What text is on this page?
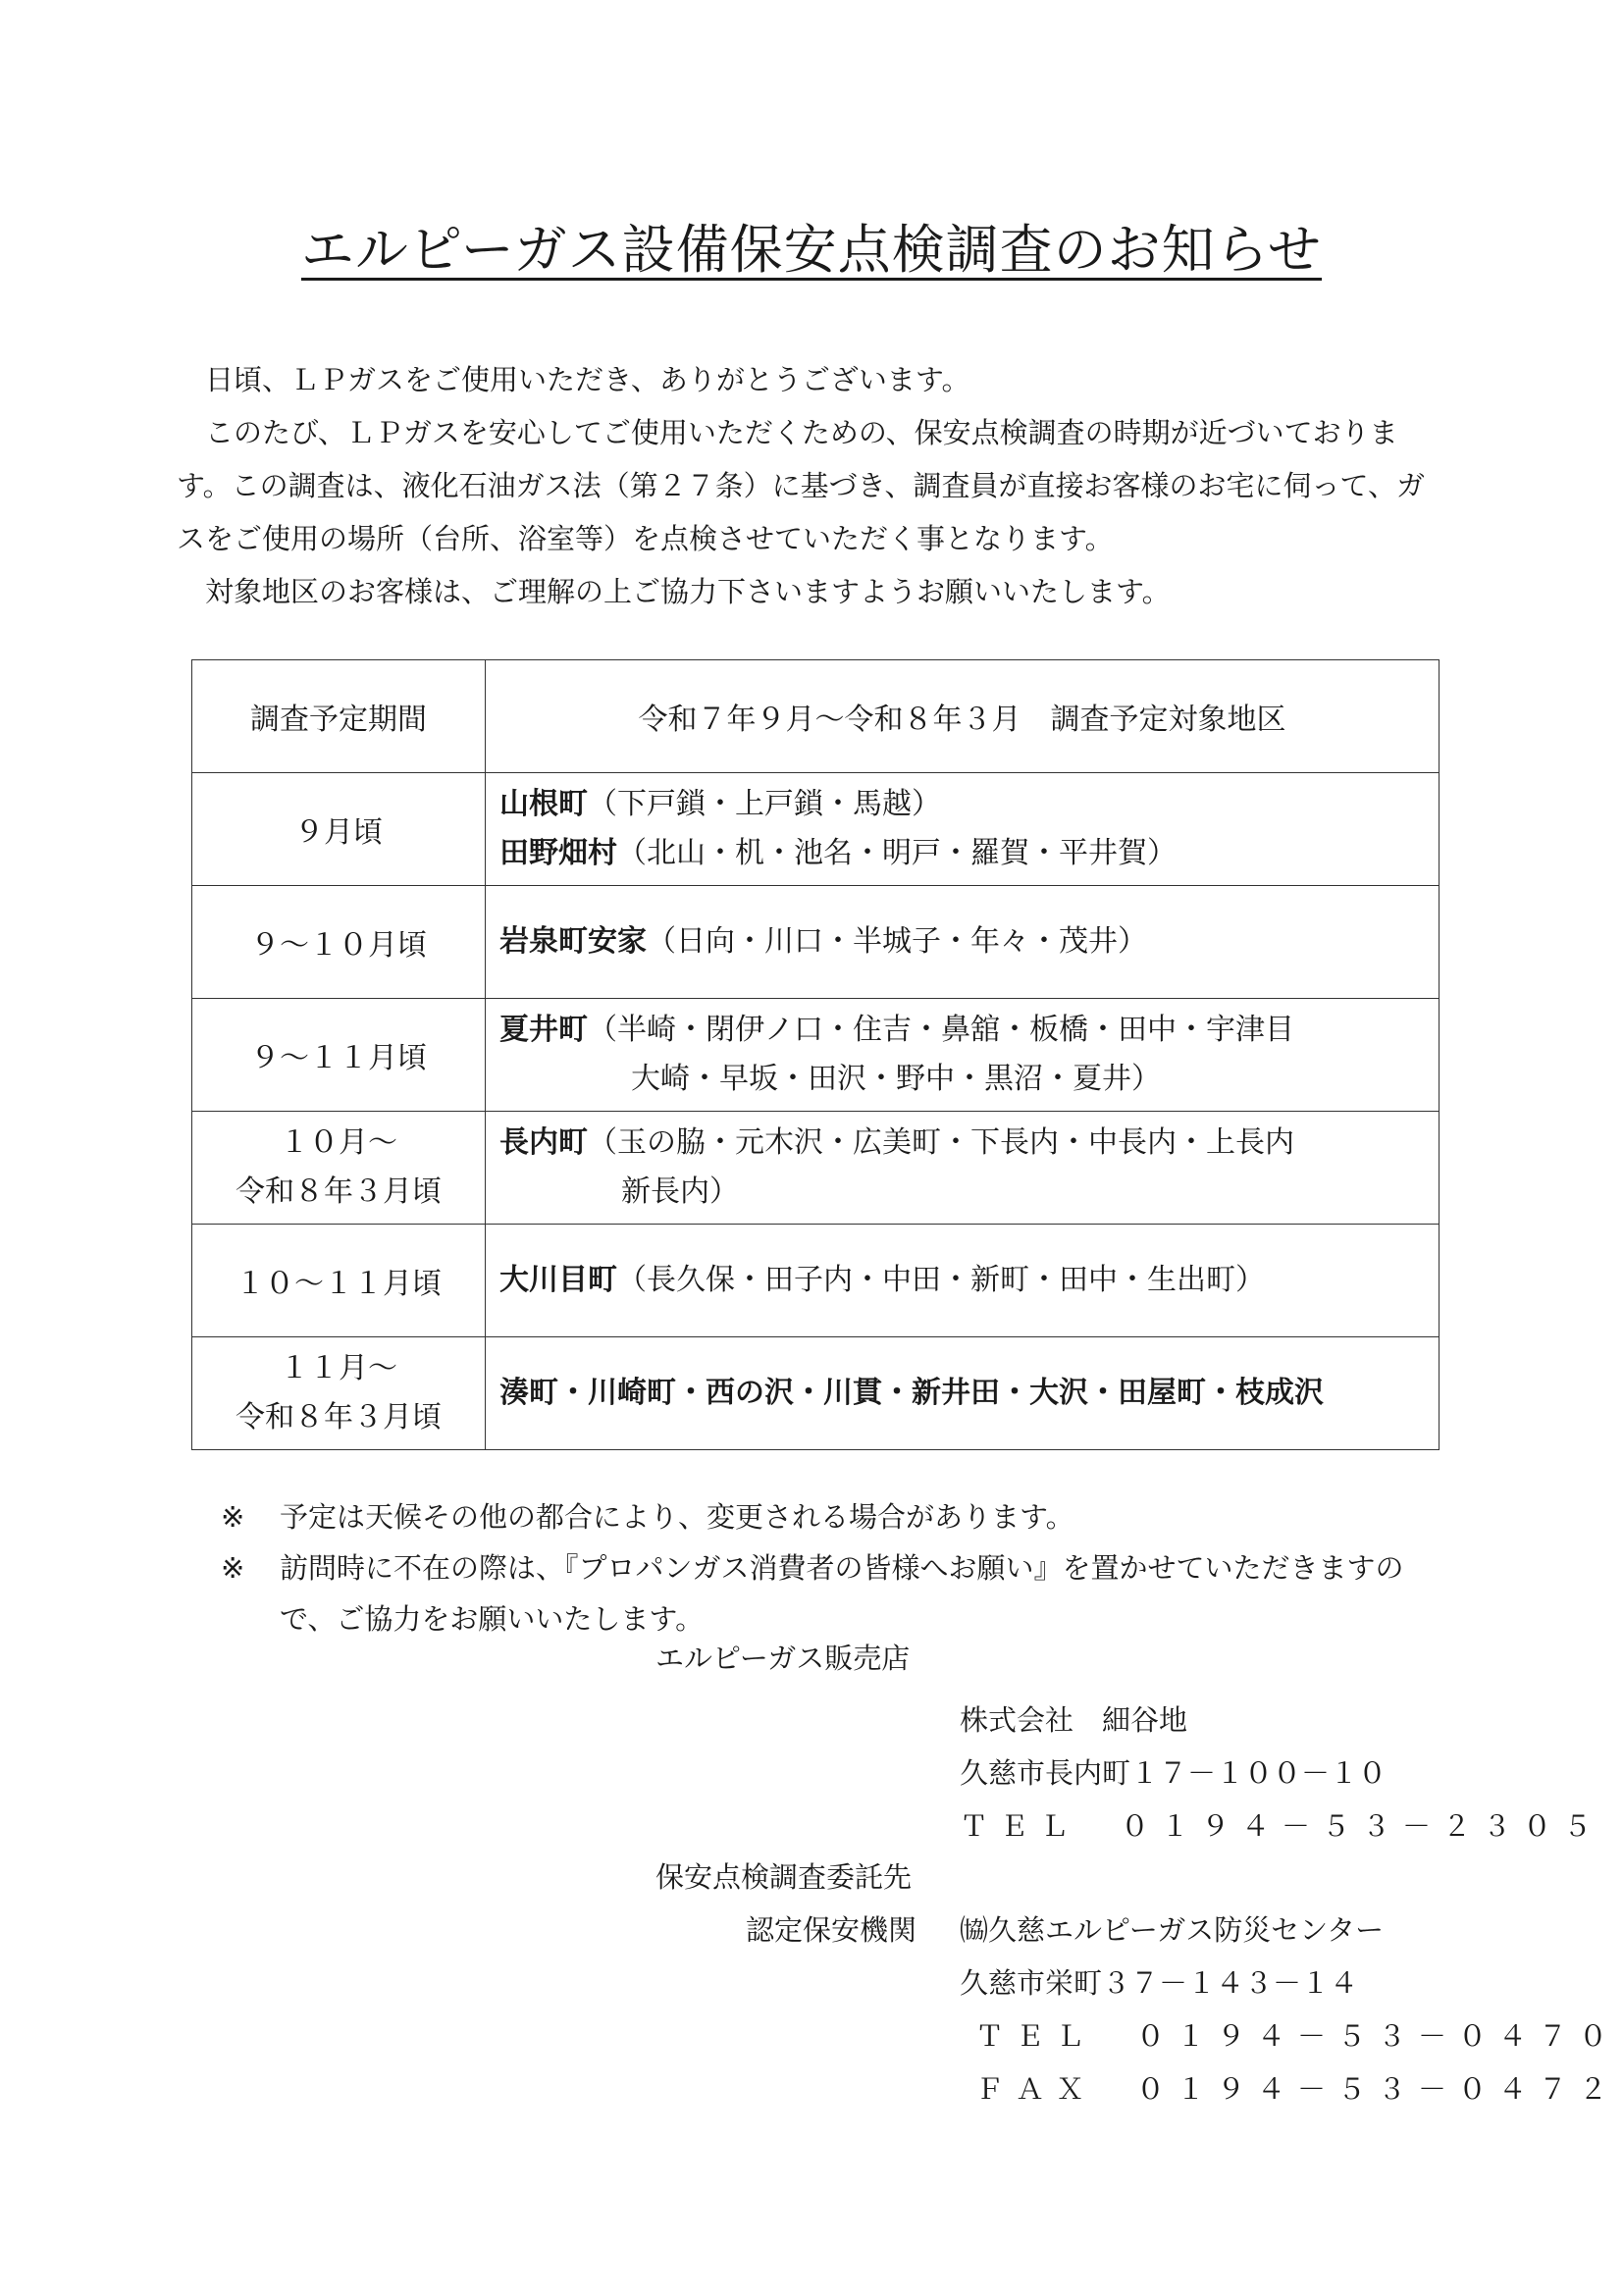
エルピーガス設備保安点検調査のお知らせ

日頃、ＬＰガスをご使用いただき、ありがとうございます。

このたび、ＬＰガスを安心してご使用いただくための、保安点検調査の時期が近づいております。この調査は、液化石油ガス法（第２７条）に基づき、調査員が直接お客様のお宅に伺って、ガスをご使用の場所（台所、浴室等）を点検させていただく事となります。

対象地区のお客様は、ご理解の上ご協力下さいますようお願いいたします。

調査予定期間	令和７年９月～令和８年３月　調査予定対象地区
９月頃	山根町（下戸鎖・上戸鎖・馬越）
田野畑村（北山・机・池名・明戸・羅賀・平井賀）

９～１０月頃	岩泉町安家（日向・川口・半城子・年々・茂井）

９～１１月頃	夏井町（半崎・閉伊ノ口・住吉・鼻舘・板橋・田中・宇津目
大崎・早坂・田沢・野中・黒沼・夏井）

１０月～
令和８年３月頃	長内町（玉の脇・元木沢・広美町・下長内・中長内・上長内
新長内）

１０～１１月頃	大川目町（長久保・田子内・中田・新町・田中・生出町）

１１月～
令和８年３月頃	湊町・川崎町・西の沢・川貫・新井田・大沢・田屋町・枝成沢
※ 予定は天候その他の都合により、変更される場合があります。
※ 訪問時に不在の際は、『プロパンガス消費者の皆様へお願い』を置かせていただきますので、ご協力をお願いいたします。
エルピーガス販売店
株式会社　細谷地
久慈市長内町１７－１００－１０
ＴＥＬ　０１９４－５３－２３０５
保安点検調査委託先
認定保安機関 ㈿久慈エルピーガス防災センター
久慈市栄町３７－１４３－１４
ＴＥＬ　０１９４－５３－０４７０
ＦＡＸ　０１９４－５３－０４７２
